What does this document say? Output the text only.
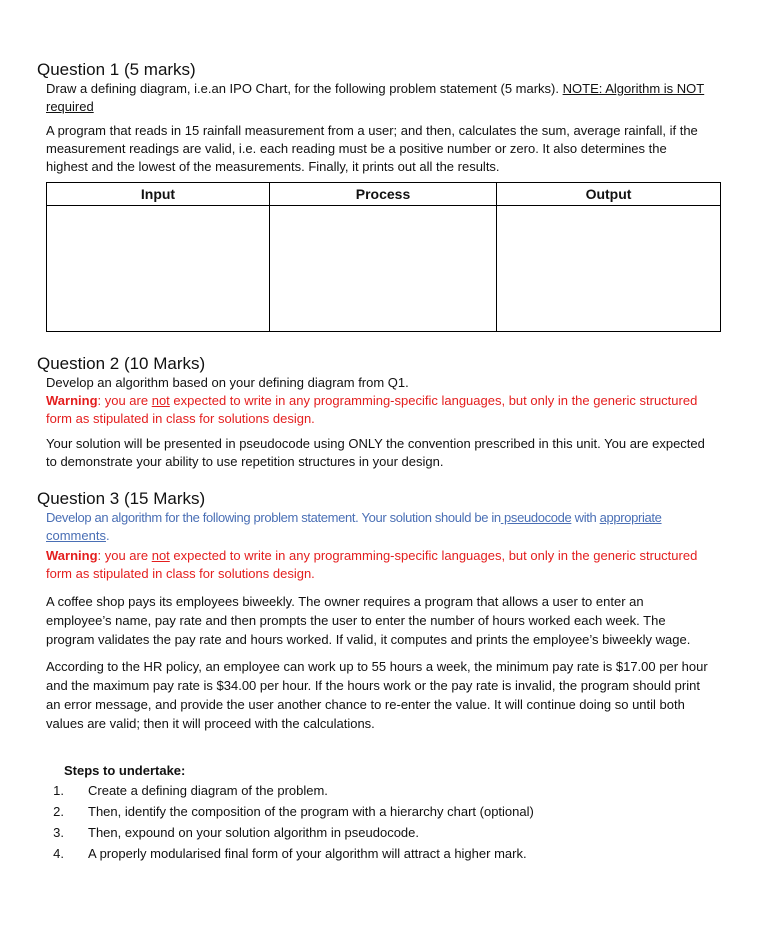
Question 1 (5 marks)

Draw a defining diagram, i.e.an IPO Chart, for the following problem statement (5 marks). NOTE: Algorithm is NOT

required

A program that reads in 15 rainfall measurement from a user; and then, calculates the sum, average rainfall, if the

measurement readings are valid, i.e. each reading must be a positive number or zero. It also determines the

highest and the lowest of the measurements. Finally, it prints out all the results.

Input	Process	Output

Question 2 (10 Marks)

Develop an algorithm based on your defining diagram from Q1.

Warning: you are not expected to write in any programming-specific languages, but only in the generic structured

form as stipulated in class for solutions design.

Your solution will be presented in pseudocode using ONLY the convention prescribed in this unit. You are expected

to demonstrate your ability to use repetition structures in your design.

Question 3 (15 Marks)

Develop an algorithm for the following problem statement. Your solution should be in pseudocode with appropriate

comments.

Warning: you are not expected to write in any programming-specific languages, but only in the generic structured

form as stipulated in class for solutions design.

A coffee shop pays its employees biweekly. The owner requires a program that allows a user to enter an

employee’s name, pay rate and then prompts the user to enter the number of hours worked each week. The

program validates the pay rate and hours worked. If valid, it computes and prints the employee’s biweekly wage.

According to the HR policy, an employee can work up to 55 hours a week, the minimum pay rate is $17.00 per hour

and the maximum pay rate is $34.00 per hour. If the hours work or the pay rate is invalid, the program should print

an error message, and provide the user another chance to re-enter the value. It will continue doing so until both

values are valid; then it will proceed with the calculations.

Steps to undertake:

1. Create a defining diagram of the problem.
2. Then, identify the composition of the program with a hierarchy chart (optional)
3. Then, expound on your solution algorithm in pseudocode.
4. A properly modularised final form of your algorithm will attract a higher mark.
